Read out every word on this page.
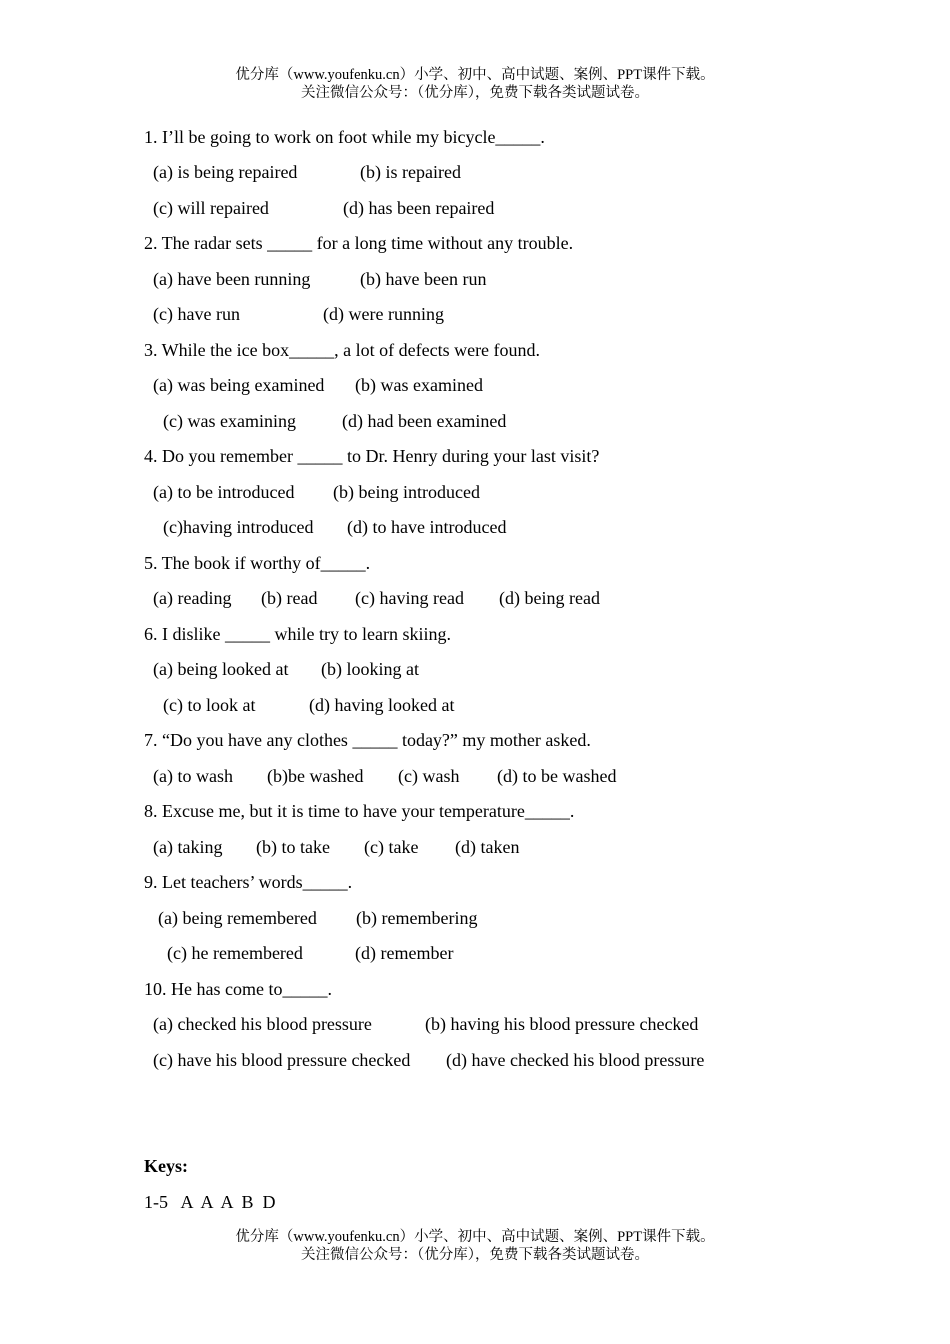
优分库（www.youfenku.cn）小学、初中、高中试题、案例、PPT课件下载。
关注微信公众号：（优分库），免费下载各类试题试卷。
1. I’ll be going to work on foot while my bicycle_____.
(a) is being repaired	(b) is repaired
(c) will repaired	(d) has been repaired
2. The radar sets _____ for a long time without any trouble.
(a) have been running	(b) have been run
(c) have run	(d) were running
3. While the ice box_____, a lot of defects were found.
(a) was being examined (b) was examined
(c) was examining	(d) had been examined
4. Do you remember _____ to Dr. Henry during your last visit?
(a) to be introduced (b) being introduced
(c)having introduced (d) to have introduced
5. The book if worthy of_____.
(a) reading (b) read (c) having read (d) being read
6. I dislike _____ while try to learn skiing.
(a) being looked at (b) looking at
(c) to look at	(d) having looked at
7. “Do you have any clothes _____ today?” my mother asked.
(a) to wash (b)be washed (c) wash (d) to be washed
8. Excuse me, but it is time to have your temperature_____.
(a) taking (b) to take (c) take (d) taken
9. Let teachers’ words_____.
(a) being remembered (b) remembering
(c) he remembered	(d) remember
10. He has come to_____.
(a) checked his blood pressure	(b) having his blood pressure checked
(c) have his blood pressure checked (d) have checked his blood pressure
Keys:
1-5   A  A  A  B  D
优分库（www.youfenku.cn）小学、初中、高中试题、案例、PPT课件下载。
关注微信公众号：（优分库），免费下载各类试题试卷。
